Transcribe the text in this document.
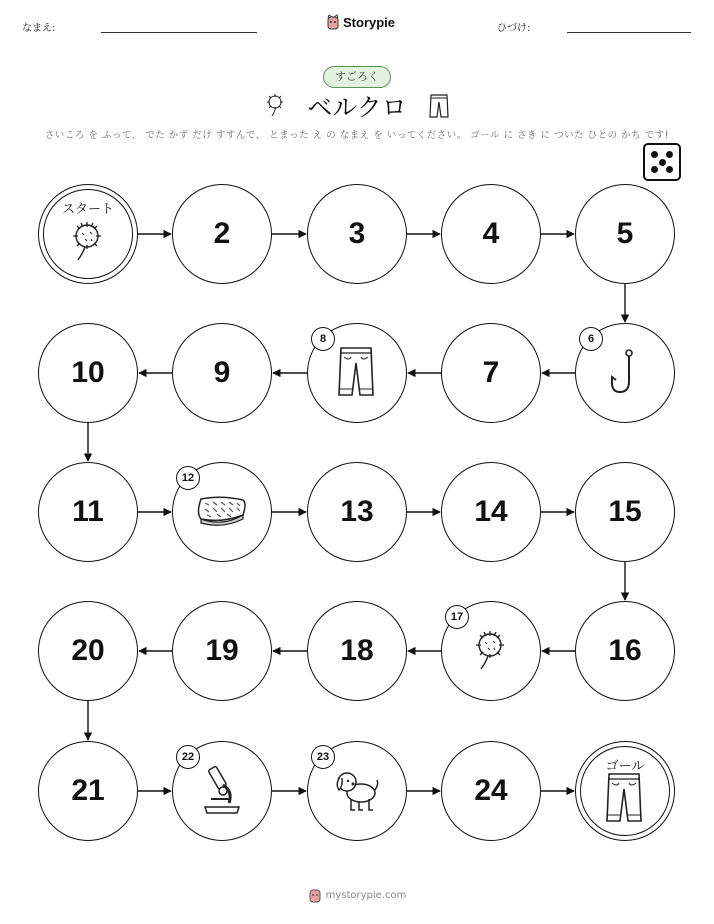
なまえ:	Storypie	ひづけ:
すごろく
ベルクロ
さいころ を ふって、 でた かず だけ すすんで、 とまった え の なまえ を いってください。 ゴール に さき に ついた ひとの かち です!
スタート
2	3	4	5
6
7
8
9
10
11
12
13	14	15
16
17
18
19
20
21
22	23
24
ゴール
mystorypie.com
